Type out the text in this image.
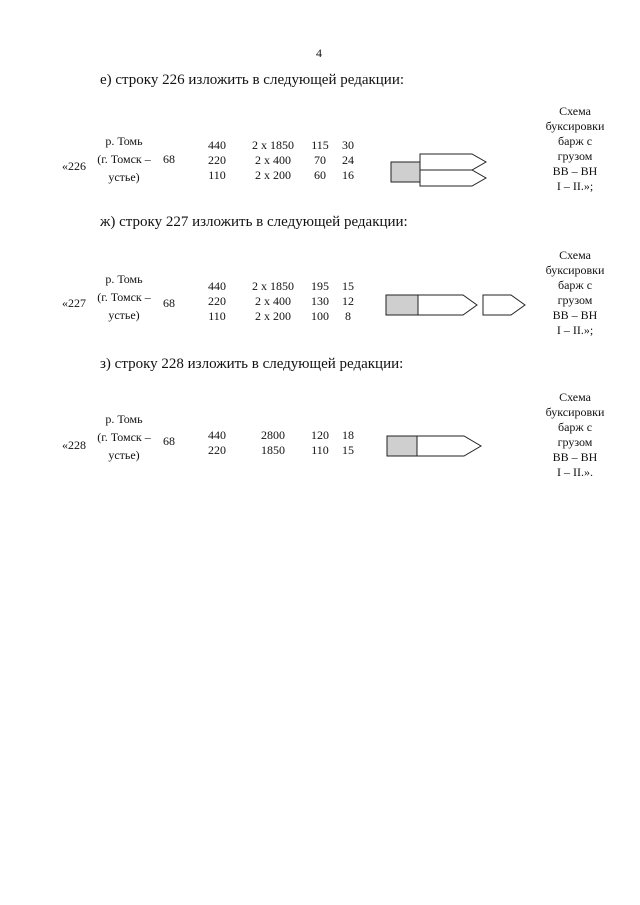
4
е) строку 226 изложить в следующей редакции:
«226
р. Томь
(г. Томск –
устье)
68
440
220
110
2 x 1850
2 x 400
2 x 200
115
70
60
30
24
16
Схема
буксировки
барж с
грузом
ВВ – ВН
I – II.»;
ж) строку 227 изложить в следующей редакции:
«227
р. Томь
(г. Томск –
устье)
68
440
220
110
2 x 1850
2 x 400
2 x 200
195
130
100
15
12
8
Схема
буксировки
барж с
грузом
ВВ – ВН
I – II.»;
з) строку 228 изложить в следующей редакции:
«228
р. Томь
(г. Томск –
устье)
68	440
220
2800
1850
120
110
18
15
Схема
буксировки
барж с
грузом
ВВ – ВН
I – II.».
